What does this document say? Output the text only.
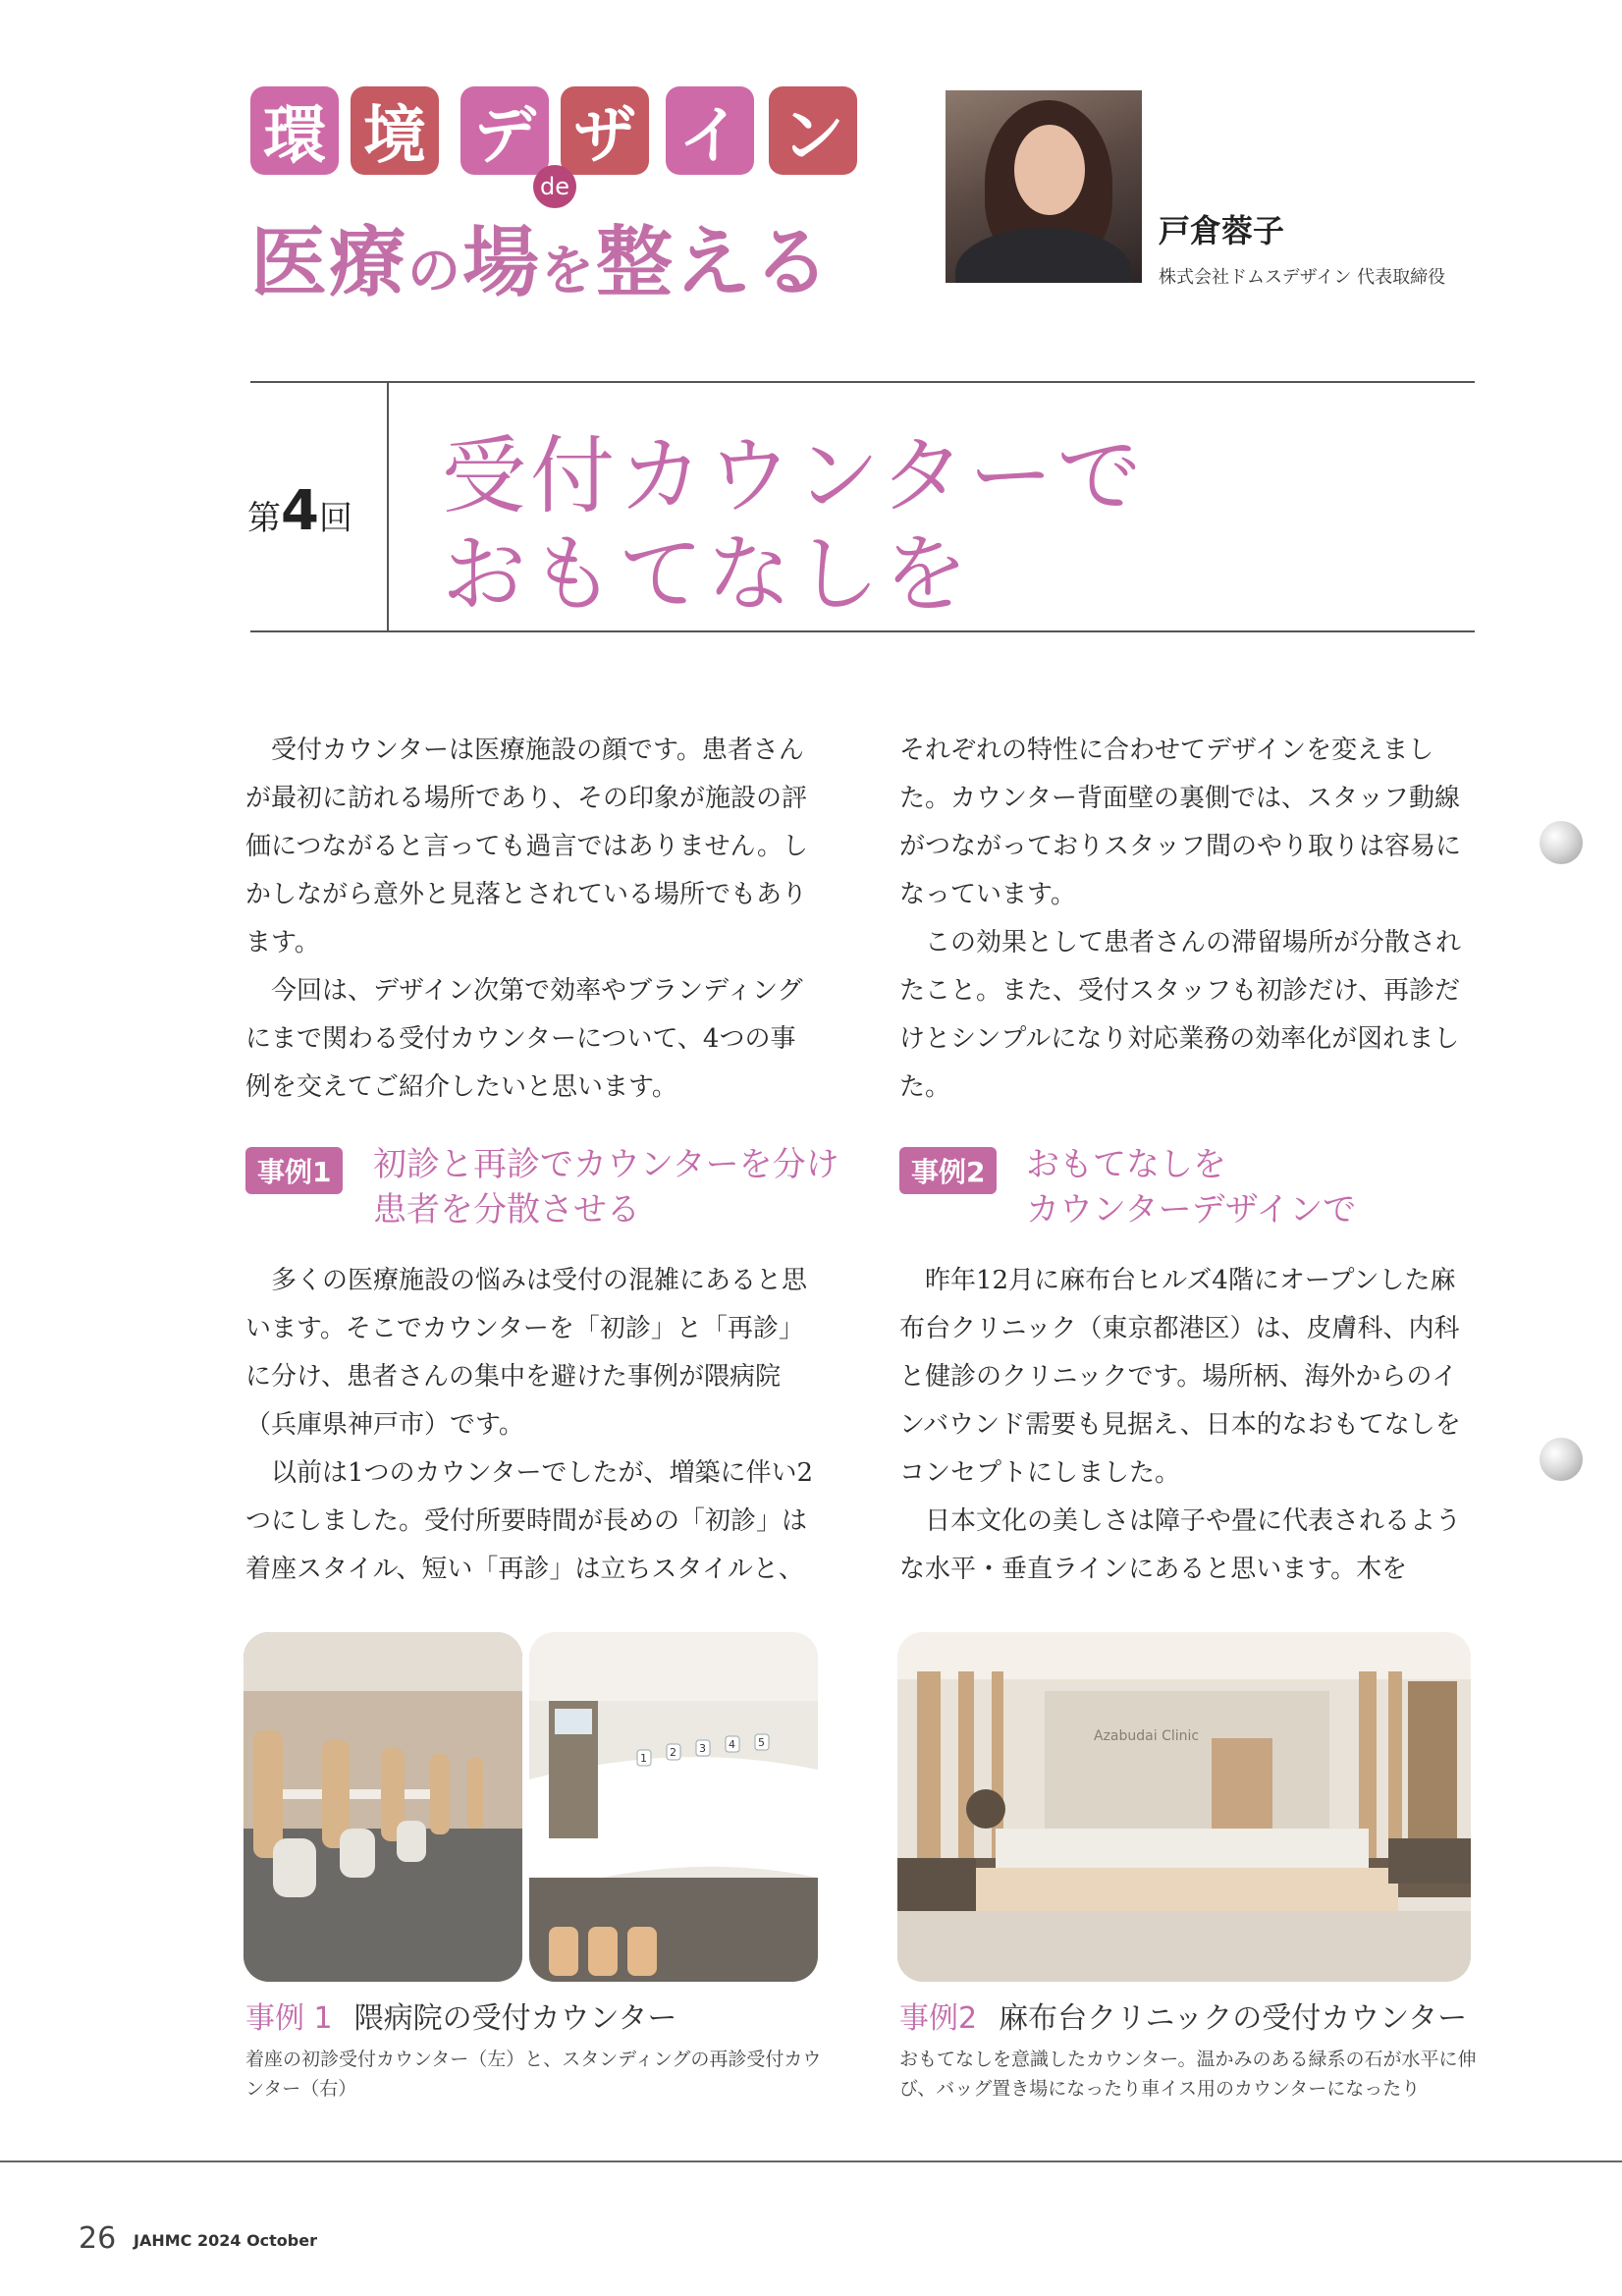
環 境 デ ザ イ ン
de
医療の場を整える	戸倉蓉子
株式会社ドムスデザイン 代表取締役
第4回 受付カウンターで
おもてなしを

受付カウンターは医療施設の顔です。患者さんが最初に訪れる場所であり、その印象が施設の評価につながると言っても過言ではありません。しかしながら意外と見落とされている場所でもあります。

今回は、デザイン次第で効率やブランディングにまで関わる受付カウンターについて、4つの事例を交えてご紹介したいと思います。

事例1	初診と再診でカウンターを分け
患者を分散させる

多くの医療施設の悩みは受付の混雑にあると思います。そこでカウンターを「初診」と「再診」に分け、患者さんの集中を避けた事例が隈病院（兵庫県神戸市）です。

以前は1つのカウンターでしたが、増築に伴い2つにしました。受付所要時間が長めの「初診」は着座スタイル、短い「再診」は立ちスタイルと、

それぞれの特性に合わせてデザインを変えました。カウンター背面壁の裏側では、スタッフ動線がつながっておりスタッフ間のやり取りは容易になっています。

この効果として患者さんの滞留場所が分散されたこと。また、受付スタッフも初診だけ、再診だけとシンプルになり対応業務の効率化が図れました。

事例2	おもてなしを
カウンターデザインで

昨年12月に麻布台ヒルズ4階にオープンした麻布台クリニック（東京都港区）は、皮膚科、内科と健診のクリニックです。場所柄、海外からのインバウンド需要も見据え、日本的なおもてなしをコンセプトにしました。

日本文化の美しさは障子や畳に代表されるような水平・垂直ラインにあると思います。木を

1 2 3 4 5	Azabudai Clinic
事例 1 隈病院の受付カウンター
着座の初診受付カウンター（左）と、スタンディングの再診受付カウンター（右）
事例2 麻布台クリニックの受付カウンター
おもてなしを意識したカウンター。温かみのある緑系の石が水平に伸び、バッグ置き場になったり車イス用のカウンターになったり
26 JAHMC 2024 October
